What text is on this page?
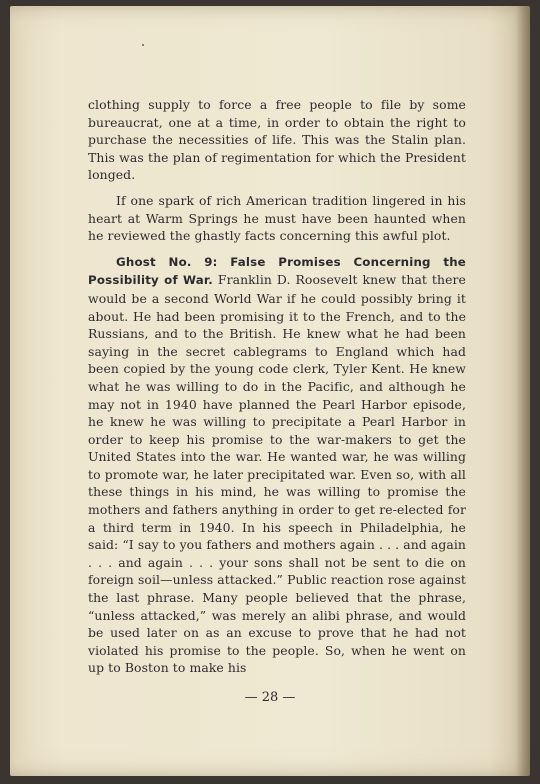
clothing supply to force a free people to file by some bureaucrat, one at a time, in order to obtain the right to purchase the necessities of life. This was the Stalin plan. This was the plan of regimentation for which the President longed.

If one spark of rich American tradition lingered in his heart at Warm Springs he must have been haunted when he reviewed the ghastly facts concerning this awful plot.

Ghost No. 9: False Promises Concerning the Possibility of War. Franklin D. Roosevelt knew that there would be a second World War if he could possibly bring it about. He had been promising it to the French, and to the Russians, and to the British. He knew what he had been saying in the secret cablegrams to England which had been copied by the young code clerk, Tyler Kent. He knew what he was willing to do in the Pacific, and although he may not in 1940 have planned the Pearl Harbor episode, he knew he was willing to precipitate a Pearl Harbor in order to keep his promise to the war-makers to get the United States into the war. He wanted war, he was willing to promote war, he later precipitated war. Even so, with all these things in his mind, he was willing to promise the mothers and fathers anything in order to get re-elected for a third term in 1940. In his speech in Philadelphia, he said: “I say to you fathers and mothers again . . . and again . . . and again . . . your sons shall not be sent to die on foreign soil—unless attacked.” Public reaction rose against the last phrase. Many people believed that the phrase, “unless attacked,” was merely an alibi phrase, and would be used later on as an excuse to prove that he had not violated his promise to the people. So, when he went on up to Boston to make his

— 28 —
